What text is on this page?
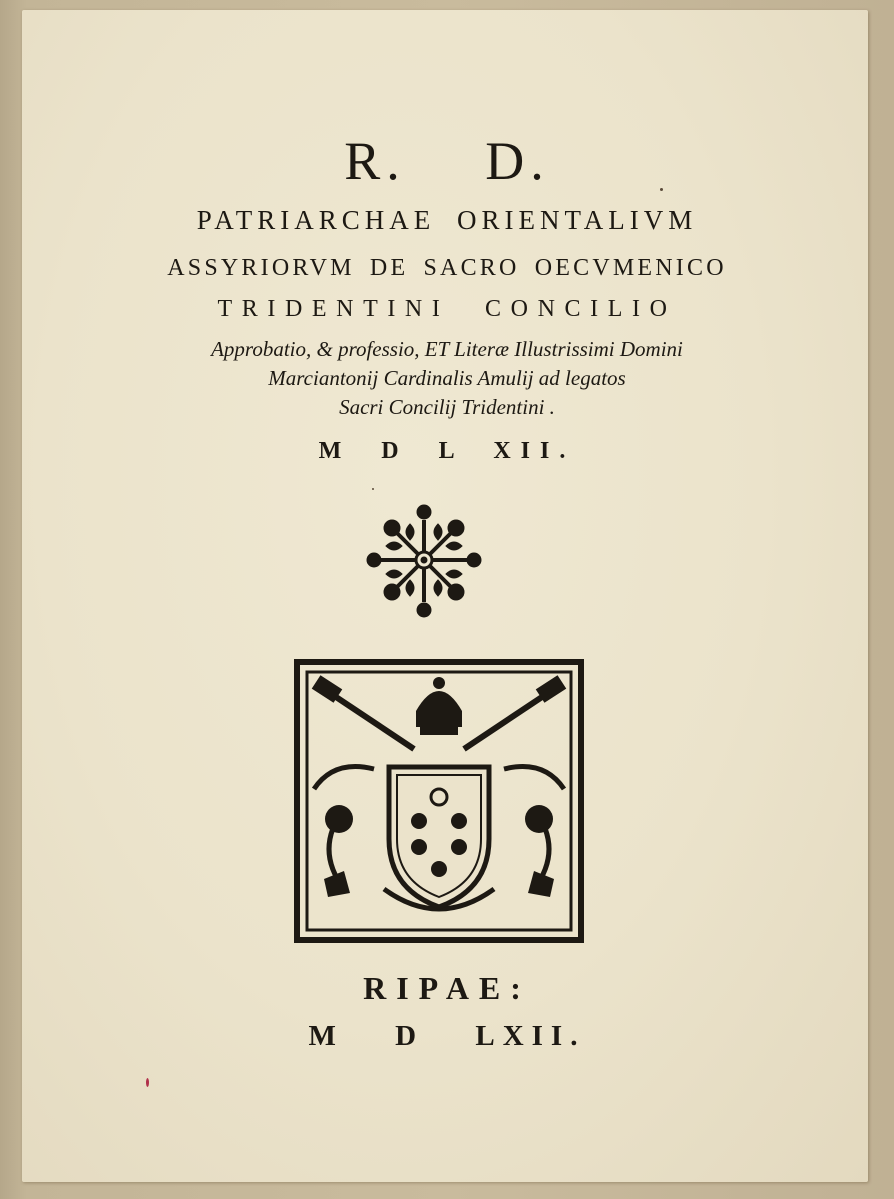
R. D.
PATRIARCHAE ORIENTALIVM
ASSYRIORVM DE SACRO OECVMENICO
TRIDENTINI CONCILIO
Approbatio, & professio, ET Literæ Illustrissimi Domini
Marciantonij Cardinalis Amulij ad legatos
Sacri Concilij Tridentini .
M D L XII.
RIPAE:
M D LXII.
